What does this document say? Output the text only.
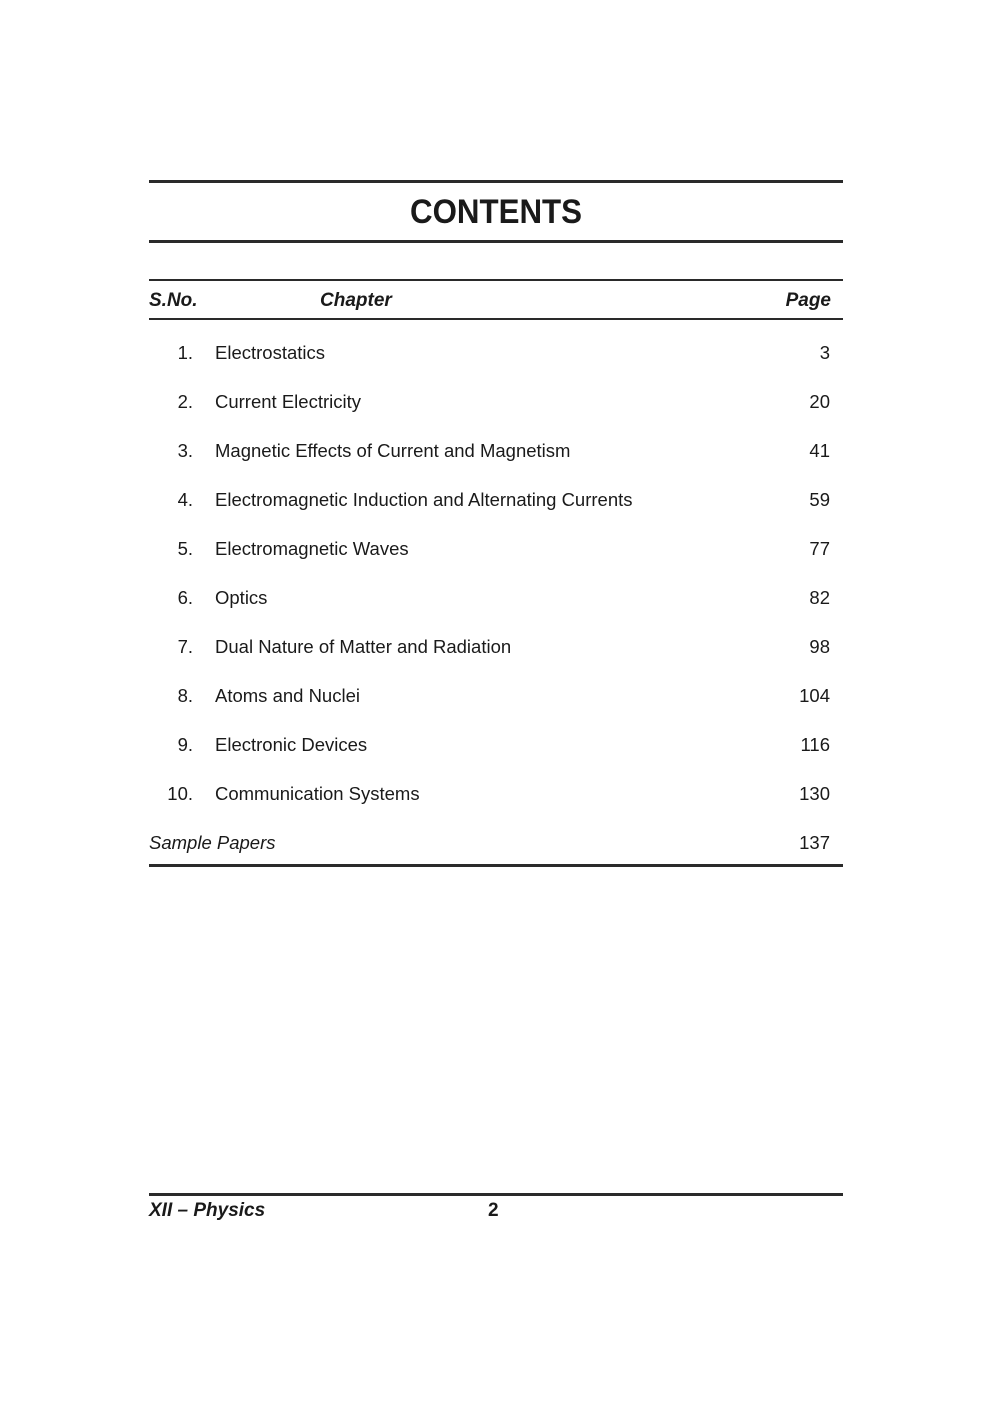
CONTENTS
S.No.	Chapter	Page
1. Electrostatics	3
2. Current Electricity	20
3. Magnetic Effects of Current and Magnetism	41
4. Electromagnetic Induction and Alternating Currents	59
5. Electromagnetic Waves	77
6. Optics	82
7. Dual Nature of Matter and Radiation	98
8. Atoms and Nuclei	104
9. Electronic Devices	116
10. Communication Systems	130
Sample Papers	137
XII – Physics	2
